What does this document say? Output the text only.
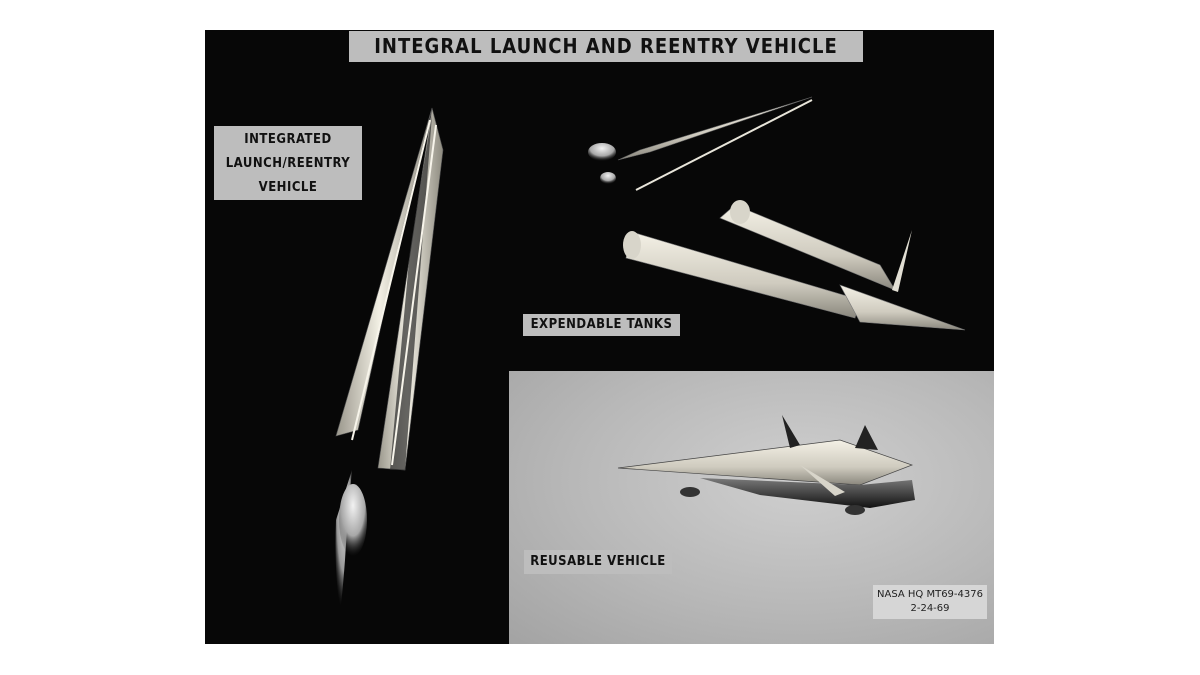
INTEGRAL LAUNCH AND REENTRY VEHICLE
INTEGRATED
LAUNCH/REENTRY
VEHICLE
EXPENDABLE TANKS
REUSABLE VEHICLE
NASA HQ MT69-4376
2-24-69
